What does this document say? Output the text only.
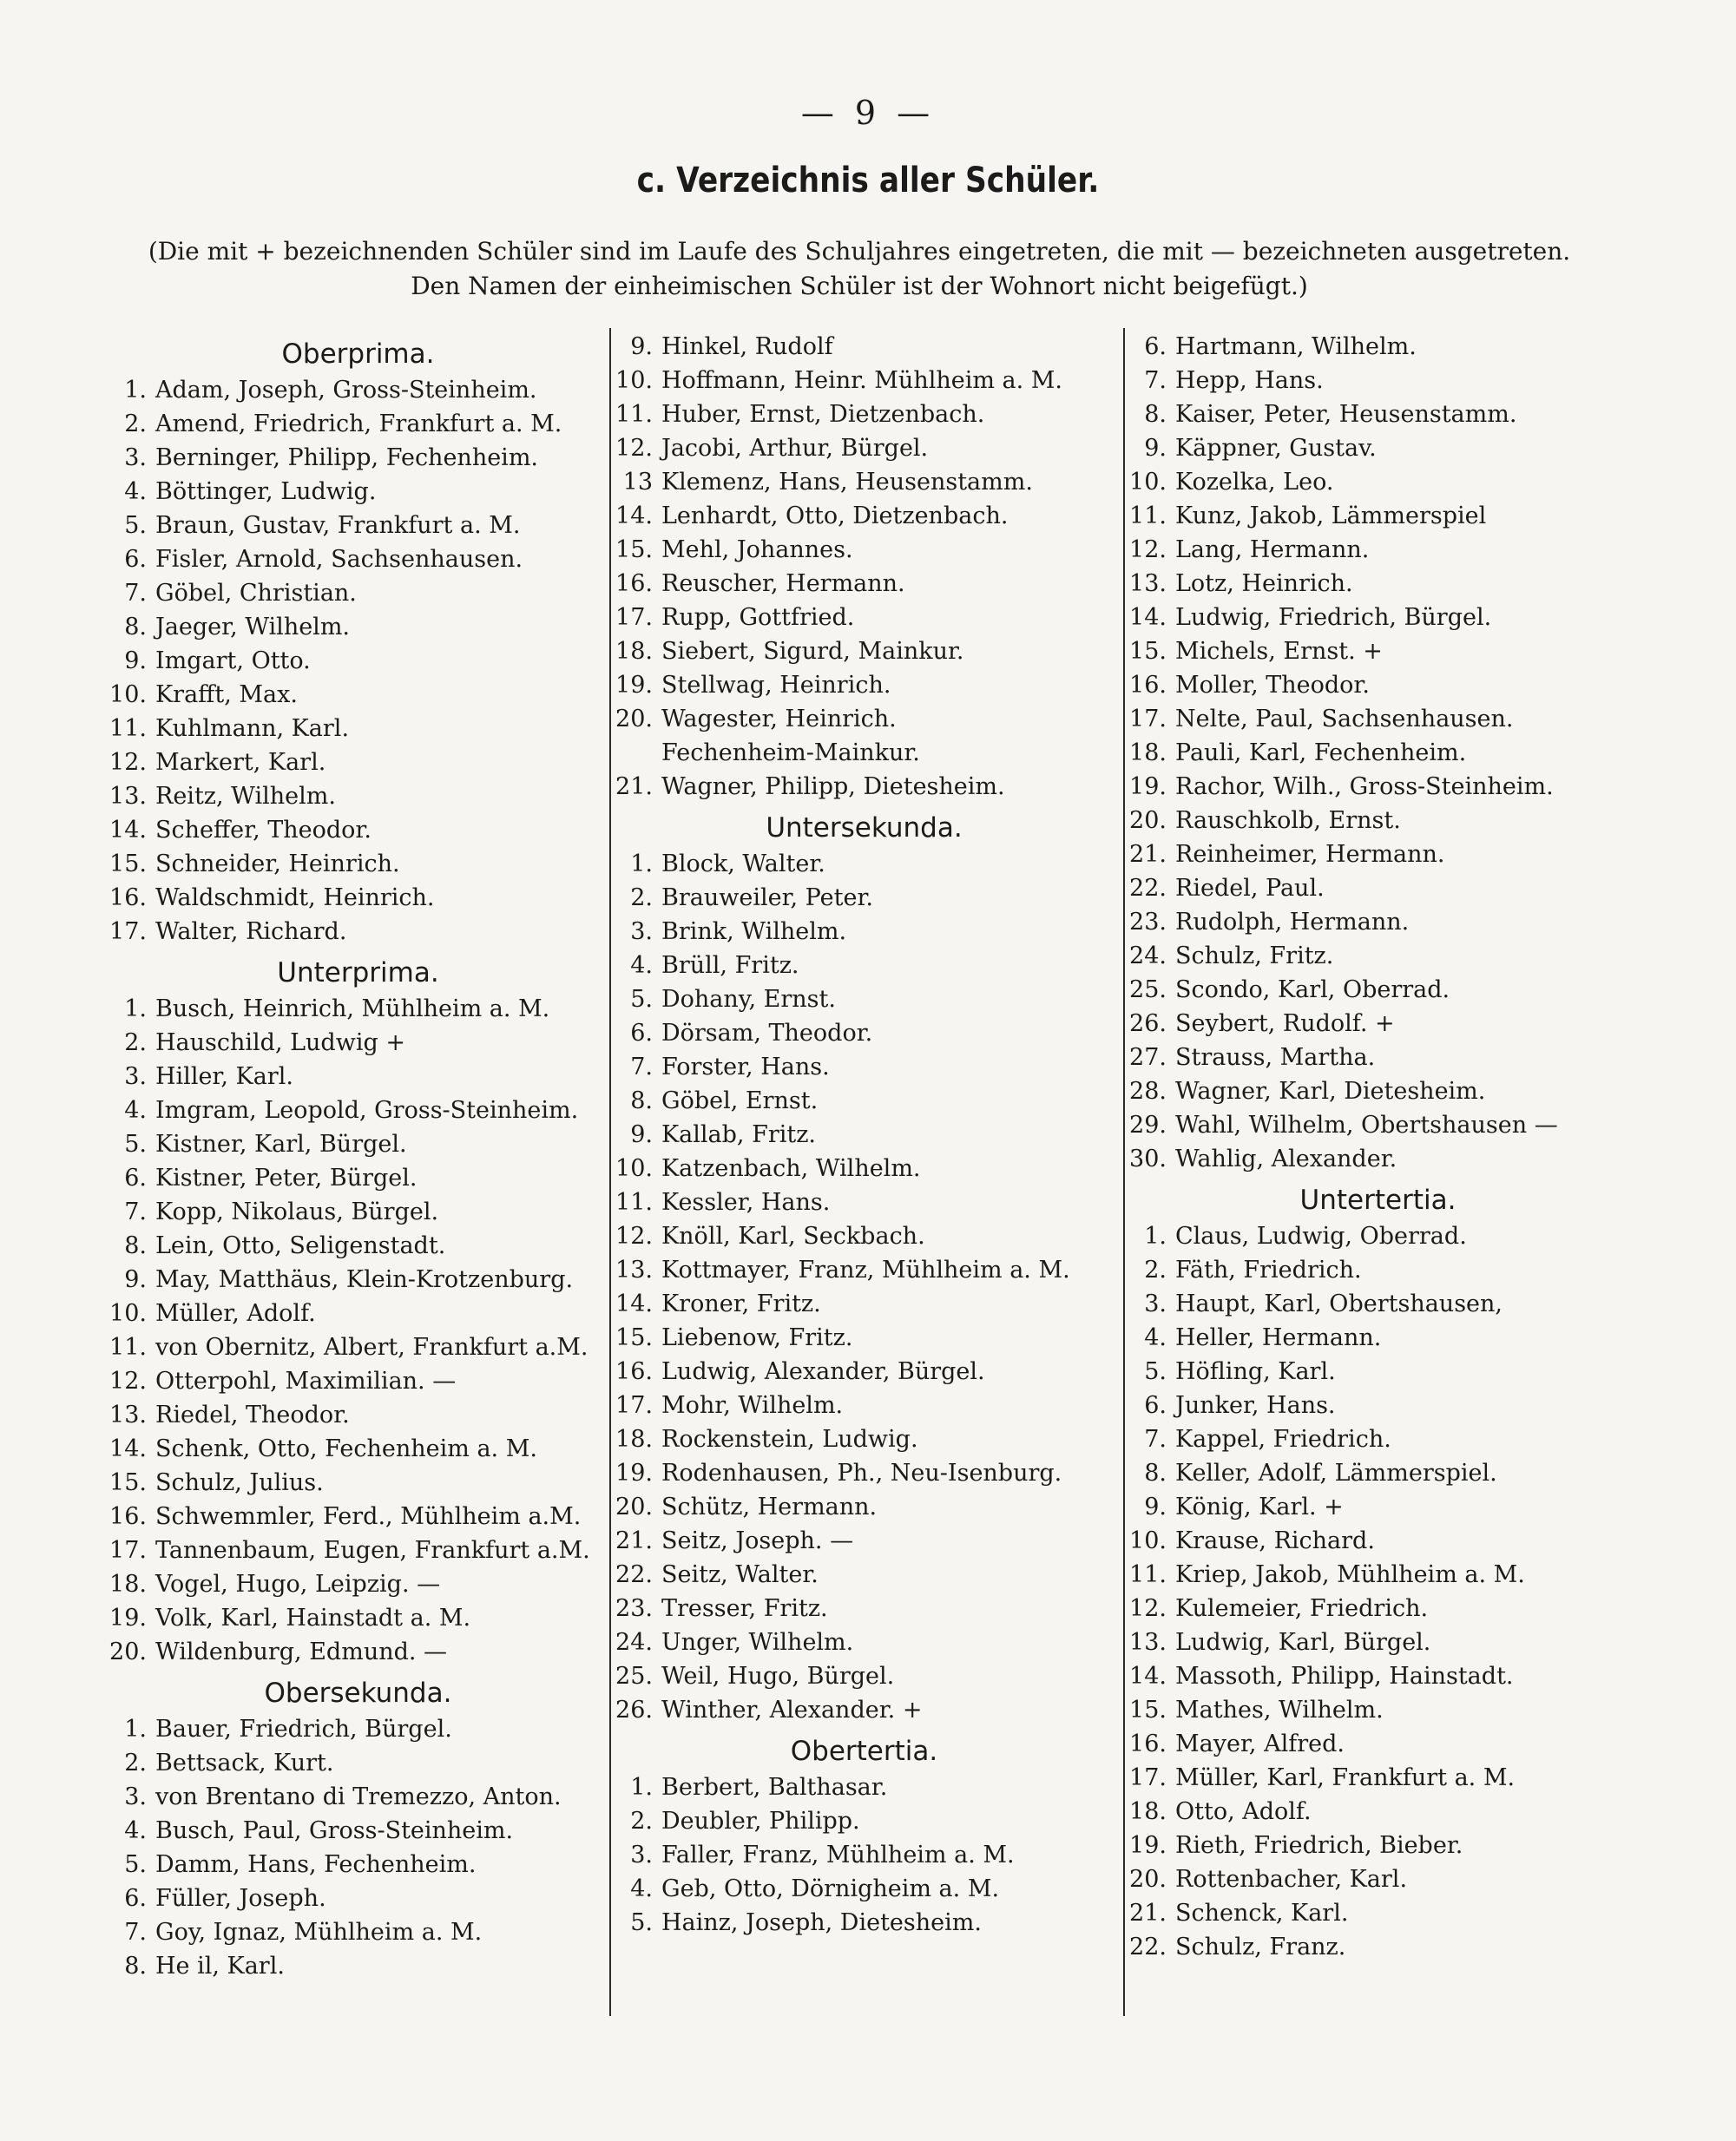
— 9 —
c. Verzeichnis aller Schüler.
(Die mit + bezeichnenden Schüler sind im Laufe des Schuljahres eingetreten, die mit — bezeichneten ausgetreten.
Den Namen der einheimischen Schüler ist der Wohnort nicht beigefügt.)
Oberprima.
1. Adam, Joseph, Gross-Steinheim.
2. Amend, Friedrich, Frankfurt a. M.
3. Berninger, Philipp, Fechenheim.
4. Böttinger, Ludwig.
5. Braun, Gustav, Frankfurt a. M.
6. Fisler, Arnold, Sachsenhausen.
7. Göbel, Christian.
8. Jaeger, Wilhelm.
9. Imgart, Otto.
10. Krafft, Max.
11. Kuhlmann, Karl.
12. Markert, Karl.
13. Reitz, Wilhelm.
14. Scheffer, Theodor.
15. Schneider, Heinrich.
16. Waldschmidt, Heinrich.
17. Walter, Richard.
Unterprima.
1. Busch, Heinrich, Mühlheim a. M.
2. Hauschild, Ludwig +
3. Hiller, Karl.
4. Imgram, Leopold, Gross-Steinheim.
5. Kistner, Karl, Bürgel.
6. Kistner, Peter, Bürgel.
7. Kopp, Nikolaus, Bürgel.
8. Lein, Otto, Seligenstadt.
9. May, Matthäus, Klein-Krotzenburg.
10. Müller, Adolf.
11. von Obernitz, Albert, Frankfurt a.M.
12. Otterpohl, Maximilian. —
13. Riedel, Theodor.
14. Schenk, Otto, Fechenheim a. M.
15. Schulz, Julius.
16. Schwemmler, Ferd., Mühlheim a.M.
17. Tannenbaum, Eugen, Frankfurt a.M.
18. Vogel, Hugo, Leipzig. —
19. Volk, Karl, Hainstadt a. M.
20. Wildenburg, Edmund. —
Obersekunda.
1. Bauer, Friedrich, Bürgel.
2. Bettsack, Kurt.
3. von Brentano di Tremezzo, Anton.
4. Busch, Paul, Gross-Steinheim.
5. Damm, Hans, Fechenheim.
6. Füller, Joseph.
7. Goy, Ignaz, Mühlheim a. M.
8. He il, Karl.
9. Hinkel, Rudolf
10. Hoffmann, Heinr. Mühlheim a. M.
11. Huber, Ernst, Dietzenbach.
12. Jacobi, Arthur, Bürgel.
13 Klemenz, Hans, Heusenstamm.
14. Lenhardt, Otto, Dietzenbach.
15. Mehl, Johannes.
16. Reuscher, Hermann.
17. Rupp, Gottfried.
18. Siebert, Sigurd, Mainkur.
19. Stellwag, Heinrich.
20. Wagester, Heinrich.
Fechenheim-Mainkur.
21. Wagner, Philipp, Dietesheim.
Untersekunda.
1. Block, Walter.
2. Brauweiler, Peter.
3. Brink, Wilhelm.
4. Brüll, Fritz.
5. Dohany, Ernst.
6. Dörsam, Theodor.
7. Forster, Hans.
8. Göbel, Ernst.
9. Kallab, Fritz.
10. Katzenbach, Wilhelm.
11. Kessler, Hans.
12. Knöll, Karl, Seckbach.
13. Kottmayer, Franz, Mühlheim a. M.
14. Kroner, Fritz.
15. Liebenow, Fritz.
16. Ludwig, Alexander, Bürgel.
17. Mohr, Wilhelm.
18. Rockenstein, Ludwig.
19. Rodenhausen, Ph., Neu-Isenburg.
20. Schütz, Hermann.
21. Seitz, Joseph. —
22. Seitz, Walter.
23. Tresser, Fritz.
24. Unger, Wilhelm.
25. Weil, Hugo, Bürgel.
26. Winther, Alexander. +
Obertertia.
1. Berbert, Balthasar.
2. Deubler, Philipp.
3. Faller, Franz, Mühlheim a. M.
4. Geb, Otto, Dörnigheim a. M.
5. Hainz, Joseph, Dietesheim.
6. Hartmann, Wilhelm.
7. Hepp, Hans.
8. Kaiser, Peter, Heusenstamm.
9. Käppner, Gustav.
10. Kozelka, Leo.
11. Kunz, Jakob, Lämmerspiel
12. Lang, Hermann.
13. Lotz, Heinrich.
14. Ludwig, Friedrich, Bürgel.
15. Michels, Ernst. +
16. Moller, Theodor.
17. Nelte, Paul, Sachsenhausen.
18. Pauli, Karl, Fechenheim.
19. Rachor, Wilh., Gross-Steinheim.
20. Rauschkolb, Ernst.
21. Reinheimer, Hermann.
22. Riedel, Paul.
23. Rudolph, Hermann.
24. Schulz, Fritz.
25. Scondo, Karl, Oberrad.
26. Seybert, Rudolf. +
27. Strauss, Martha.
28. Wagner, Karl, Dietesheim.
29. Wahl, Wilhelm, Obertshausen —
30. Wahlig, Alexander.
Untertertia.
1. Claus, Ludwig, Oberrad.
2. Fäth, Friedrich.
3. Haupt, Karl, Obertshausen,
4. Heller, Hermann.
5. Höfling, Karl.
6. Junker, Hans.
7. Kappel, Friedrich.
8. Keller, Adolf, Lämmerspiel.
9. König, Karl. +
10. Krause, Richard.
11. Kriep, Jakob, Mühlheim a. M.
12. Kulemeier, Friedrich.
13. Ludwig, Karl, Bürgel.
14. Massoth, Philipp, Hainstadt.
15. Mathes, Wilhelm.
16. Mayer, Alfred.
17. Müller, Karl, Frankfurt a. M.
18. Otto, Adolf.
19. Rieth, Friedrich, Bieber.
20. Rottenbacher, Karl.
21. Schenck, Karl.
22. Schulz, Franz.
